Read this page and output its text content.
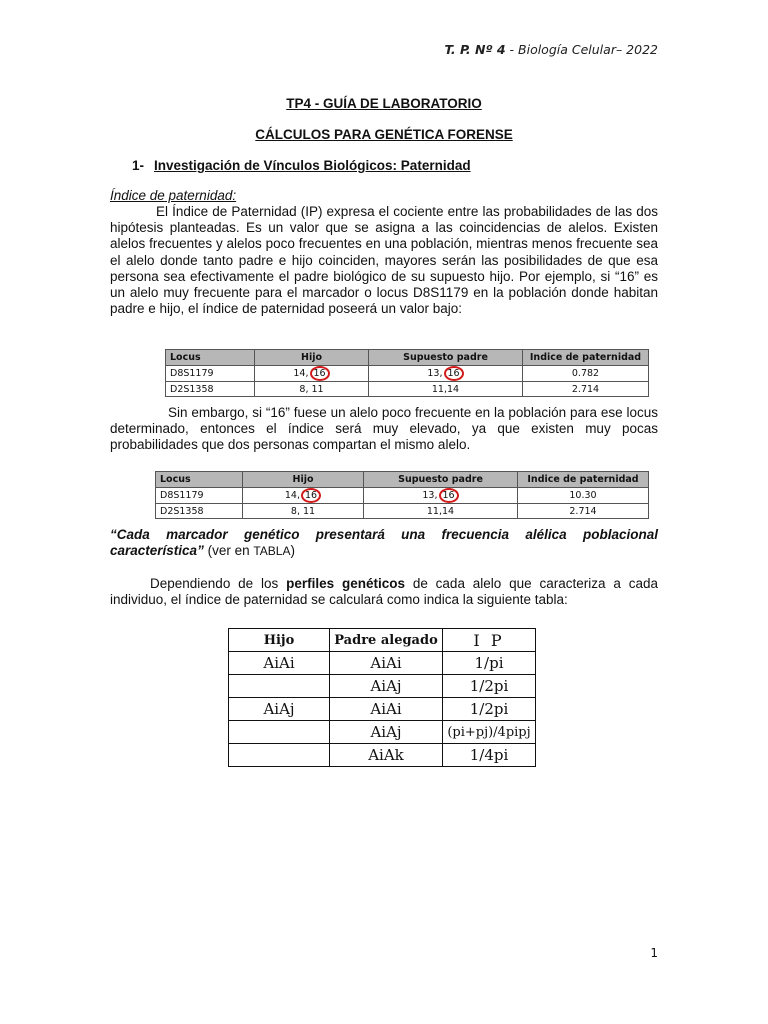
T. P. Nº 4 - Biología Celular– 2022
TP4 - GUÍA DE LABORATORIO
CÁLCULOS PARA GENÉTICA FORENSE
1- Investigación de Vínculos Biológicos: Paternidad
Índice de paternidad:
El Índice de Paternidad (IP) expresa el cociente entre las probabilidades de las dos hipótesis planteadas. Es un valor que se asigna a las coincidencias de alelos. Existen alelos frecuentes y alelos poco frecuentes en una población, mientras menos frecuente sea el alelo donde tanto padre e hijo coinciden, mayores serán las posibilidades de que esa persona sea efectivamente el padre biológico de su supuesto hijo. Por ejemplo, si “16” es un alelo muy frecuente para el marcador o locus D8S1179 en la población donde habitan padre e hijo, el índice de paternidad poseerá un valor bajo:
Locus	Hijo	Supuesto padre	Indice de paternidad
D8S1179	14, 16	13, 16	0.782
D2S1358	8, 11	11,14	2.714
Sin embargo, si “16” fuese un alelo poco frecuente en la población para ese locus determinado, entonces el índice será muy elevado, ya que existen muy pocas probabilidades que dos personas compartan el mismo alelo.
Locus	Hijo	Supuesto padre	Indice de paternidad
D8S1179	14, 16	13, 16	10.30
D2S1358	8, 11	11,14	2.714
“Cada marcador genético presentará una frecuencia alélica poblacional característica” (ver en TABLA)
Dependiendo de los perfiles genéticos de cada alelo que caracteriza a cada individuo, el índice de paternidad se calculará como indica la siguiente tabla:
Hijo	Padre alegado	I P
AiAi	AiAi	1/pi
	AiAj	1/2pi
AiAj	AiAi	1/2pi
	AiAj	(pi+pj)/4pipj
	AiAk	1/4pi
1
